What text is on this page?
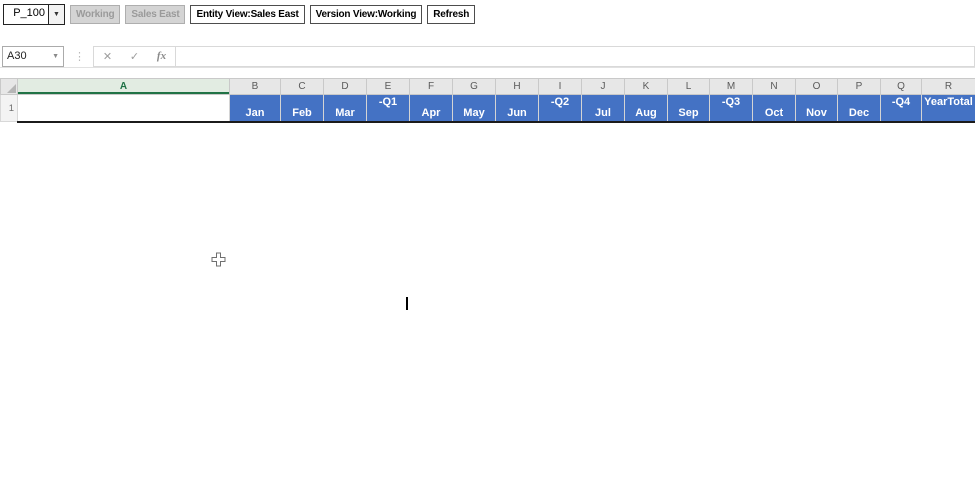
P_100	▼	Working	Sales East	Entity View:Sales East	Version View:Working	Refresh
A30	▼	⋮	✕	✓	fx
	A	B	C	D	E	F	G	H	I	J	K	L	M	N	O	P	Q	R
1		Jan	Feb	Mar	-Q1	Apr	May	Jun	-Q2	Jul	Aug	Sep	-Q3	Oct	Nov	Dec	-Q4	YearTotal
